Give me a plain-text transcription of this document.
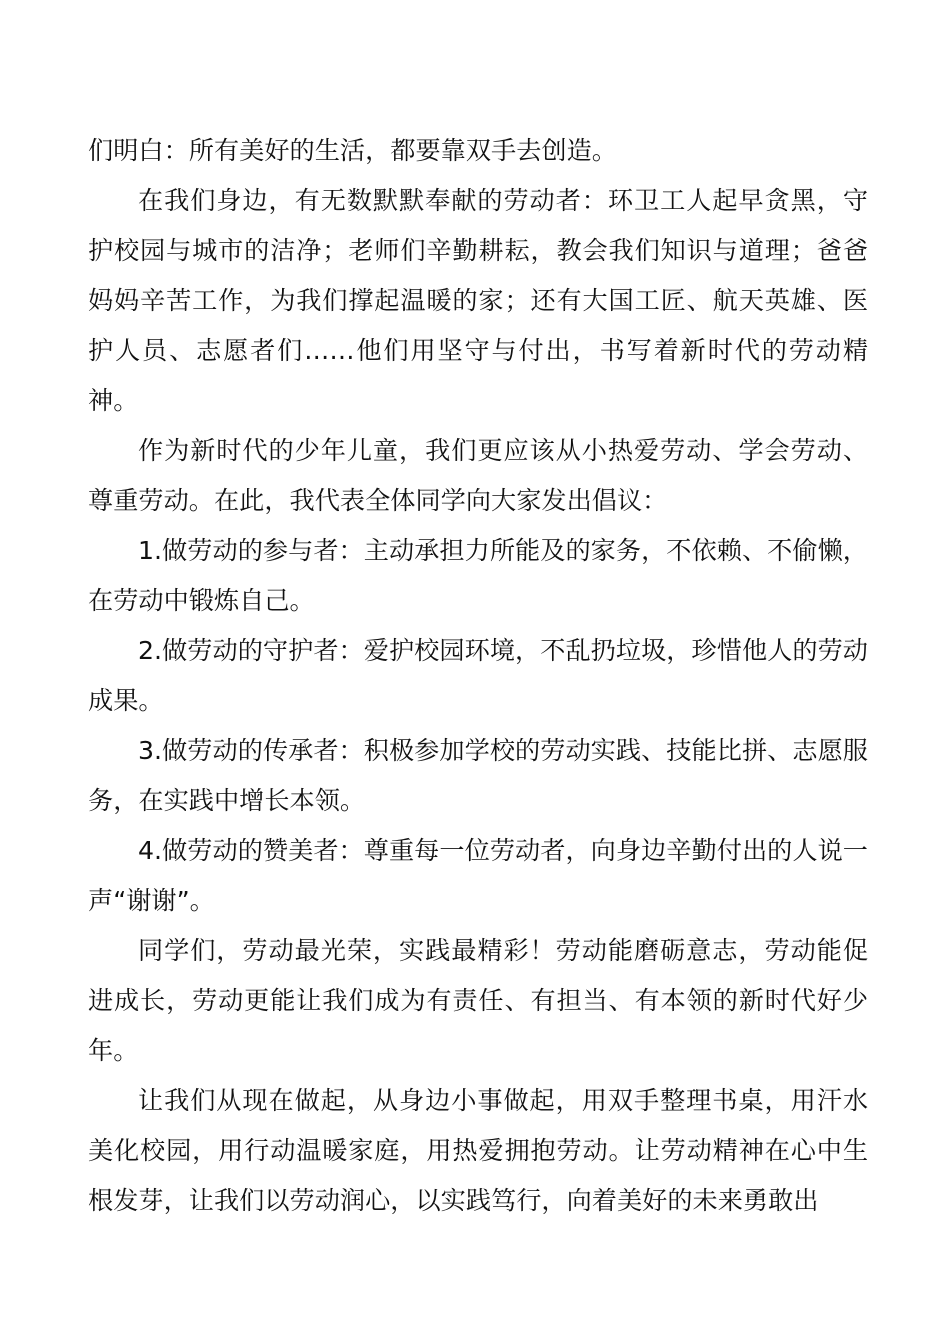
们明白：所有美好的生活，都要靠双手去创造。

在我们身边，有无数默默奉献的劳动者：环卫工人起早贪黑，守护校园与城市的洁净；老师们辛勤耕耘，教会我们知识与道理；爸爸妈妈辛苦工作，为我们撑起温暖的家；还有大国工匠、航天英雄、医护人员、志愿者们……他们用坚守与付出，书写着新时代的劳动精神。

作为新时代的少年儿童，我们更应该从小热爱劳动、学会劳动、尊重劳动。在此，我代表全体同学向大家发出倡议：

1.做劳动的参与者：主动承担力所能及的家务，不依赖、不偷懒，在劳动中锻炼自己。

2.做劳动的守护者：爱护校园环境，不乱扔垃圾，珍惜他人的劳动成果。

3.做劳动的传承者：积极参加学校的劳动实践、技能比拼、志愿服务，在实践中增长本领。

4.做劳动的赞美者：尊重每一位劳动者，向身边辛勤付出的人说一声“谢谢”。

同学们，劳动最光荣，实践最精彩！劳动能磨砺意志，劳动能促进成长，劳动更能让我们成为有责任、有担当、有本领的新时代好少年。

让我们从现在做起，从身边小事做起，用双手整理书桌，用汗水美化校园，用行动温暖家庭，用热爱拥抱劳动。让劳动精神在心中生根发芽，让我们以劳动润心，以实践笃行，向着美好的未来勇敢出
